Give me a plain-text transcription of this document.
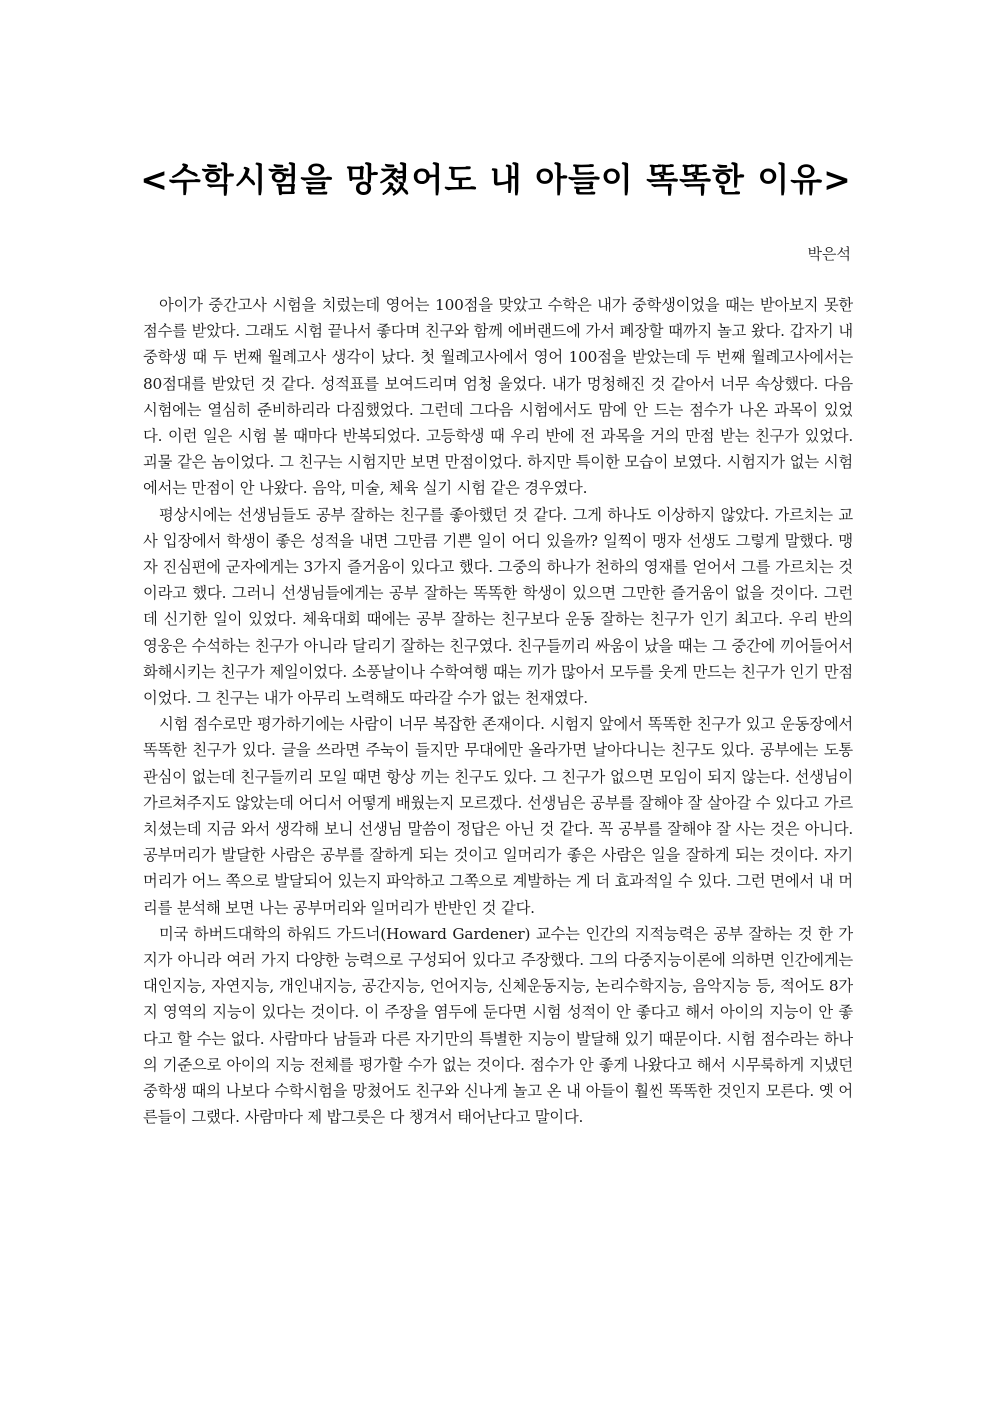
<수학시험을 망쳤어도 내 아들이 똑똑한 이유>
박은석

아이가 중간고사 시험을 치렀는데 영어는 100점을 맞았고 수학은 내가 중학생이었을 때는 받아보지 못한 점수를 받았다. 그래도 시험 끝나서 좋다며 친구와 함께 에버랜드에 가서 폐장할 때까지 놀고 왔다. 갑자기 내 중학생 때 두 번째 월례고사 생각이 났다. 첫 월례고사에서 영어 100점을 받았는데 두 번째 월례고사에서는 80점대를 받았던 것 같다. 성적표를 보여드리며 엄청 울었다. 내가 멍청해진 것 같아서 너무 속상했다. 다음 시험에는 열심히 준비하리라 다짐했었다. 그런데 그다음 시험에서도 맘에 안 드는 점수가 나온 과목이 있었다. 이런 일은 시험 볼 때마다 반복되었다. 고등학생 때 우리 반에 전 과목을 거의 만점 받는 친구가 있었다. 괴물 같은 놈이었다. 그 친구는 시험지만 보면 만점이었다. 하지만 특이한 모습이 보였다. 시험지가 없는 시험에서는 만점이 안 나왔다. 음악, 미술, 체육 실기 시험 같은 경우였다.

평상시에는 선생님들도 공부 잘하는 친구를 좋아했던 것 같다. 그게 하나도 이상하지 않았다. 가르치는 교사 입장에서 학생이 좋은 성적을 내면 그만큼 기쁜 일이 어디 있을까? 일찍이 맹자 선생도 그렇게 말했다. 맹자 진심편에 군자에게는 3가지 즐거움이 있다고 했다. 그중의 하나가 천하의 영재를 얻어서 그를 가르치는 것이라고 했다. 그러니 선생님들에게는 공부 잘하는 똑똑한 학생이 있으면 그만한 즐거움이 없을 것이다. 그런데 신기한 일이 있었다. 체육대회 때에는 공부 잘하는 친구보다 운동 잘하는 친구가 인기 최고다. 우리 반의 영웅은 수석하는 친구가 아니라 달리기 잘하는 친구였다. 친구들끼리 싸움이 났을 때는 그 중간에 끼어들어서 화해시키는 친구가 제일이었다. 소풍날이나 수학여행 때는 끼가 많아서 모두를 웃게 만드는 친구가 인기 만점이었다. 그 친구는 내가 아무리 노력해도 따라갈 수가 없는 천재였다.

시험 점수로만 평가하기에는 사람이 너무 복잡한 존재이다. 시험지 앞에서 똑똑한 친구가 있고 운동장에서 똑똑한 친구가 있다. 글을 쓰라면 주눅이 들지만 무대에만 올라가면 날아다니는 친구도 있다. 공부에는 도통 관심이 없는데 친구들끼리 모일 때면 항상 끼는 친구도 있다. 그 친구가 없으면 모임이 되지 않는다. 선생님이 가르쳐주지도 않았는데 어디서 어떻게 배웠는지 모르겠다. 선생님은 공부를 잘해야 잘 살아갈 수 있다고 가르치셨는데 지금 와서 생각해 보니 선생님 말씀이 정답은 아닌 것 같다. 꼭 공부를 잘해야 잘 사는 것은 아니다. 공부머리가 발달한 사람은 공부를 잘하게 되는 것이고 일머리가 좋은 사람은 일을 잘하게 되는 것이다. 자기 머리가 어느 쪽으로 발달되어 있는지 파악하고 그쪽으로 계발하는 게 더 효과적일 수 있다. 그런 면에서 내 머리를 분석해 보면 나는 공부머리와 일머리가 반반인 것 같다.

미국 하버드대학의 하워드 가드너(Howard Gardener) 교수는 인간의 지적능력은 공부 잘하는 것 한 가지가 아니라 여러 가지 다양한 능력으로 구성되어 있다고 주장했다. 그의 다중지능이론에 의하면 인간에게는 대인지능, 자연지능, 개인내지능, 공간지능, 언어지능, 신체운동지능, 논리수학지능, 음악지능 등, 적어도 8가지 영역의 지능이 있다는 것이다. 이 주장을 염두에 둔다면 시험 성적이 안 좋다고 해서 아이의 지능이 안 좋다고 할 수는 없다. 사람마다 남들과 다른 자기만의 특별한 지능이 발달해 있기 때문이다. 시험 점수라는 하나의 기준으로 아이의 지능 전체를 평가할 수가 없는 것이다. 점수가 안 좋게 나왔다고 해서 시무룩하게 지냈던 중학생 때의 나보다 수학시험을 망쳤어도 친구와 신나게 놀고 온 내 아들이 훨씬 똑똑한 것인지 모른다. 옛 어른들이 그랬다. 사람마다 제 밥그릇은 다 챙겨서 태어난다고 말이다.
